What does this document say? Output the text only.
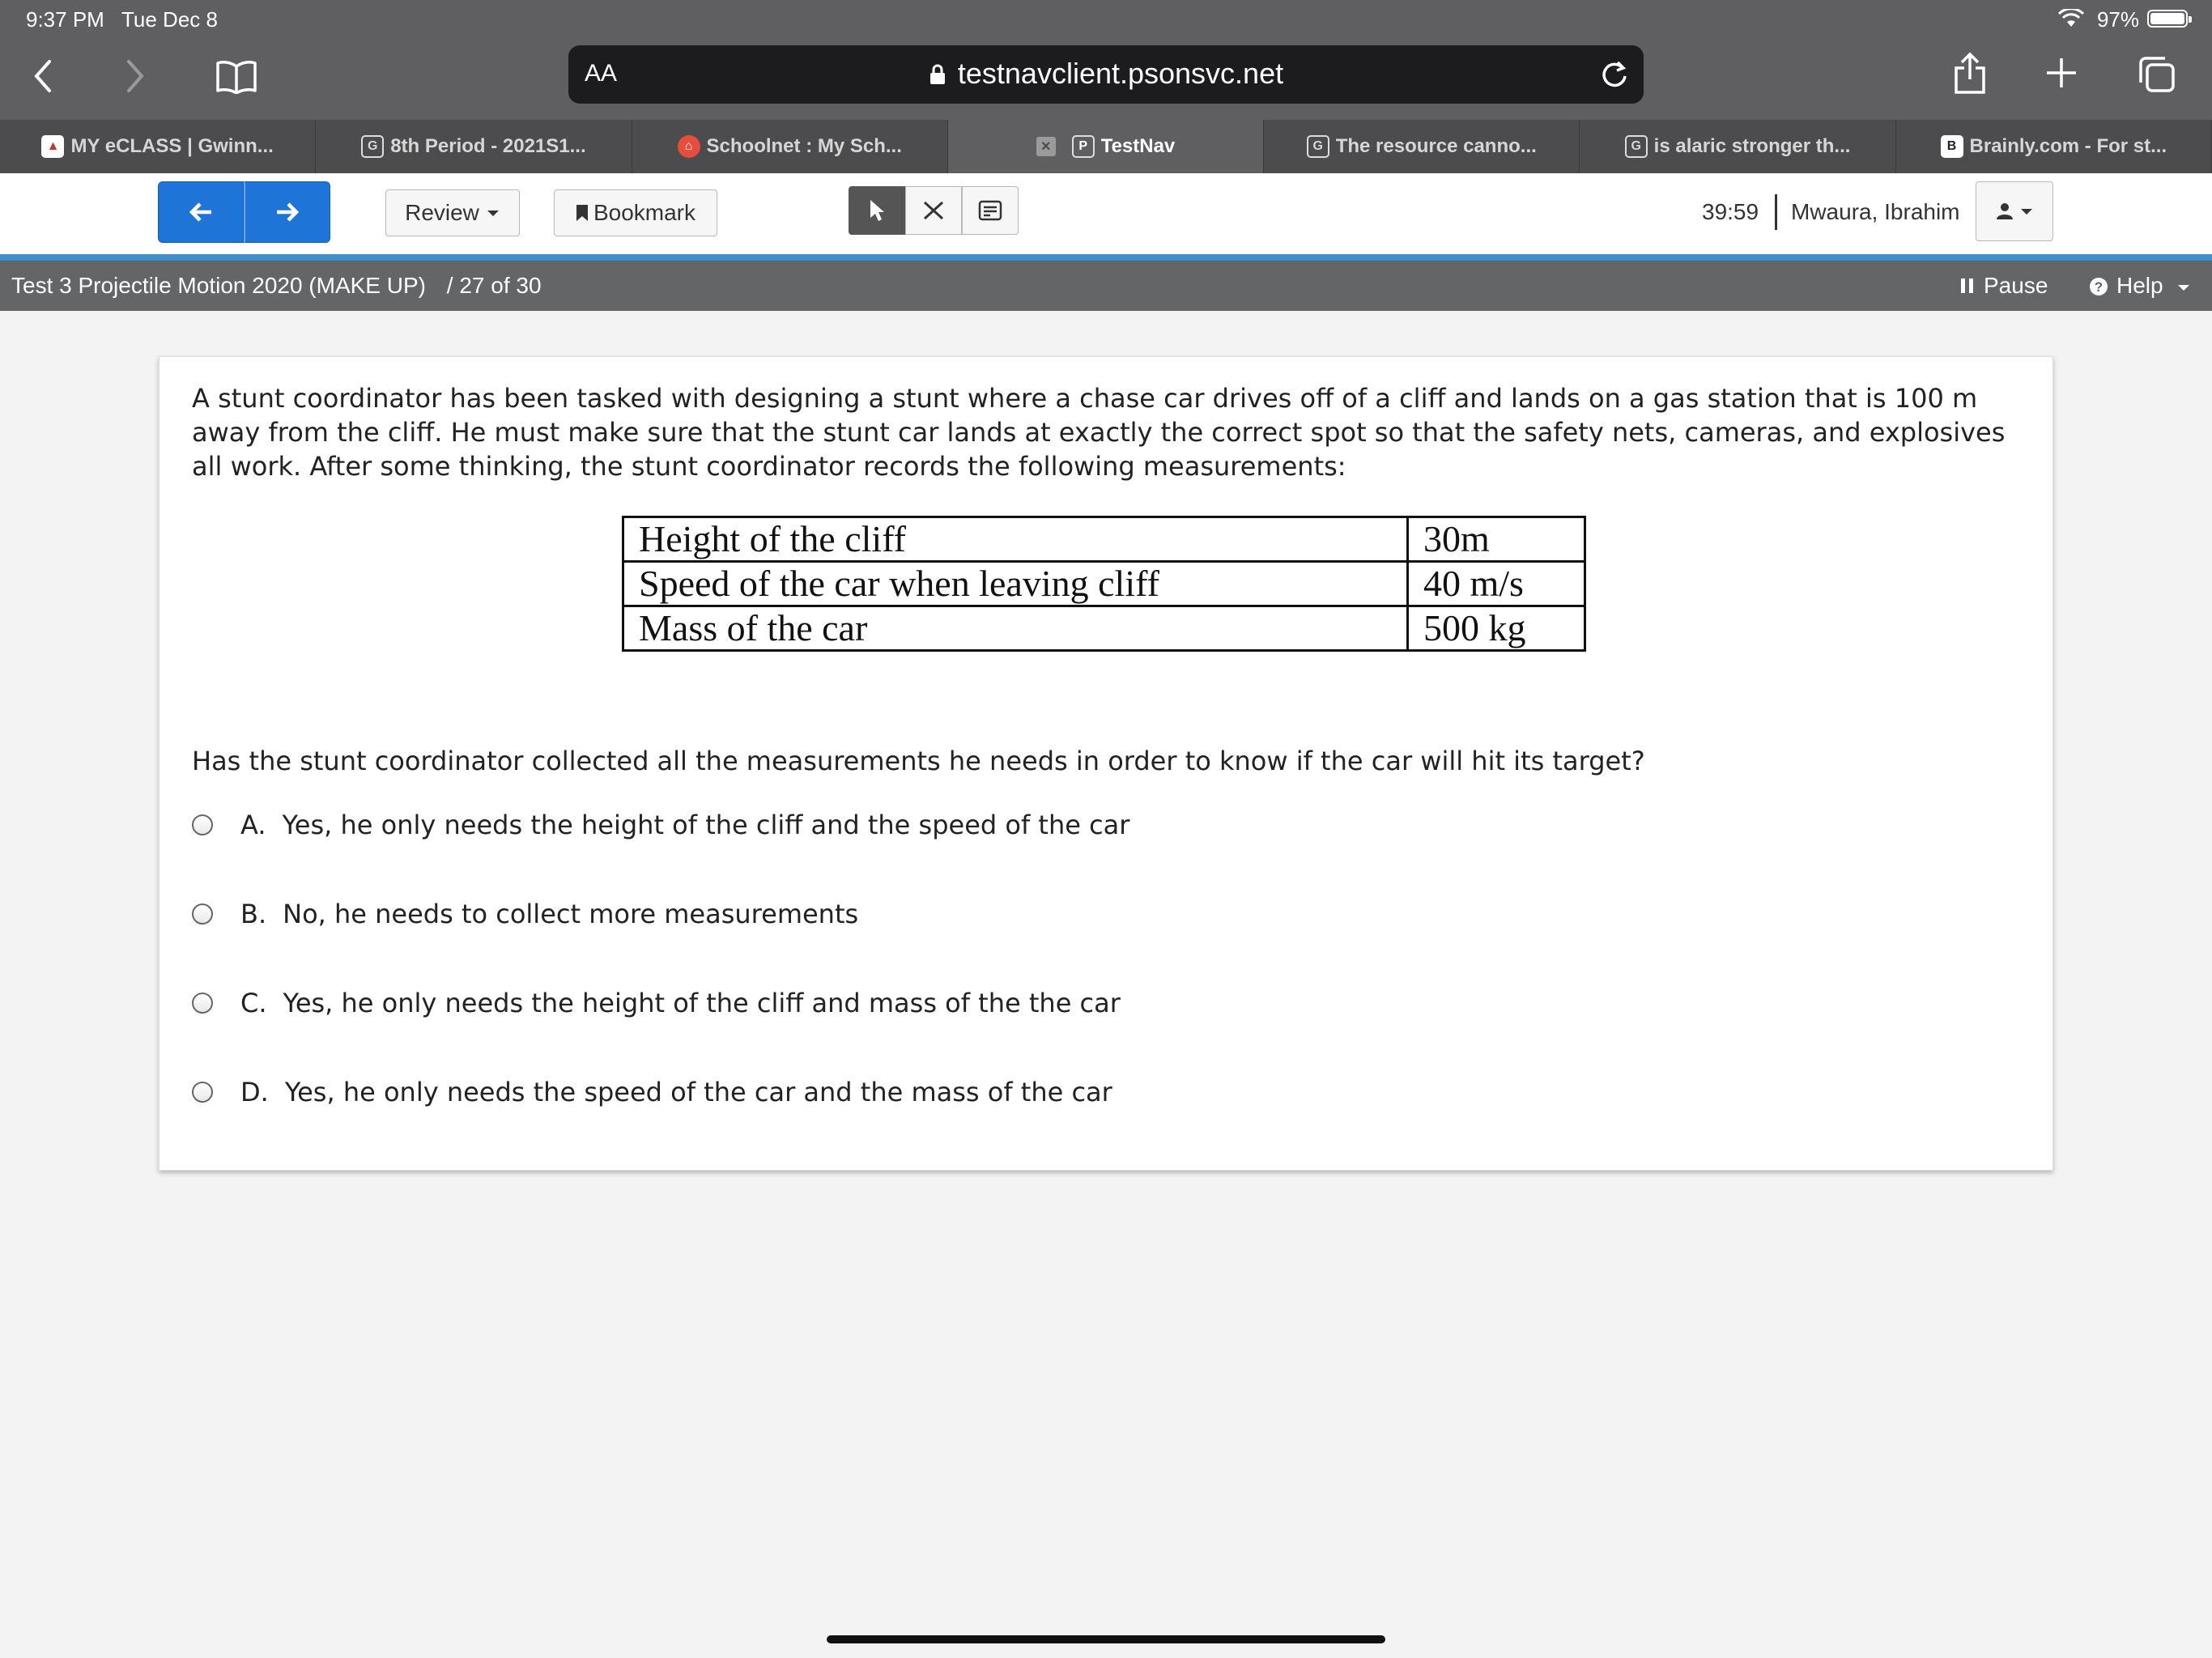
9:37 PM Tue Dec 8	97%
AA	testnavclient.psonsvc.net
▲ MY eCLASS | Gwinn...	G 8th Period - 2021S1...	⌂ Schoolnet : My Sch...	×	P TestNav	G The resource canno...	G is alaric stronger th...	B Brainly.com - For st...
Review	Bookmark	39:59 Mwaura, Ibrahim
Test 3 Projectile Motion 2020 (MAKE UP) / 27 of 30	Pause	? Help
A stunt coordinator has been tasked with designing a stunt where a chase car drives off of a cliff and lands on a gas station that is 100 m away from the cliff. He must make sure that the stunt car lands at exactly the correct spot so that the safety nets, cameras, and explosives all work. After some thinking, the stunt coordinator records the following measurements:
Height of the cliff	30m
Speed of the car when leaving cliff	40 m/s
Mass of the car	500 kg
Has the stunt coordinator collected all the measurements he needs in order to know if the car will hit its target?
A. Yes, he only needs the height of the cliff and the speed of the car
B. No, he needs to collect more measurements
C. Yes, he only needs the height of the cliff and mass of the the car
D. Yes, he only needs the speed of the car and the mass of the car
